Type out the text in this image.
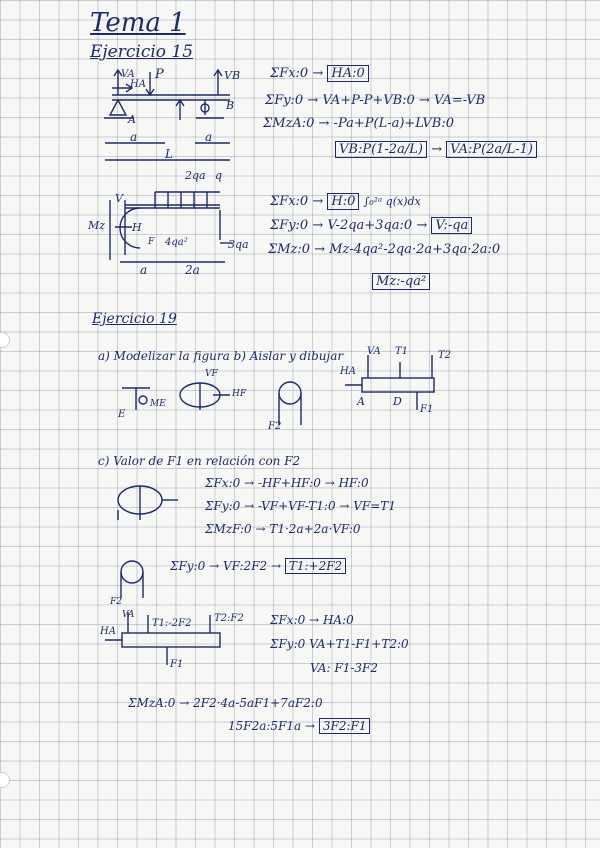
Tema 1
Ejercicio 15
VA
HA
P	VB
A
B
a
L
a
ΣFx:0 → HA:0
ΣFy:0 → VA+P-P+VB:0 → VA=-VB
ΣMzA:0 → -Pa+P(L-a)+LVB:0
VB:P(1-2a/L) → VA:P(2a/L-1)
2qa q
V
Mz H
F 4qa²	3qa
a	2a
ΣFx:0 → H:0 ∫₀²ᵃ q(x)dx
ΣFy:0 → V-2qa+3qa:0 → V:-qa
ΣMz:0 → Mz-4qa²-2qa·2a+3qa·2a:0
Mz:-qa²
Ejercicio 19
a) Modelizar la figura b) Aislar y dibujar VA T1	T2
HA
A	D
F1
E
ME
VF
HF
F2
c) Valor de F1 en relación con F2
ΣFx:0 → -HF+HF:0 → HF:0
ΣFy:0 → -VF+VF-T1:0 → VF=T1
ΣMzF:0 → T1·2a+2a·VF:0
ΣFy:0 → VF:2F2 → T1:+2F2
T1:-2F2 T2:F2
VA
HA
F1
F2
ΣFx:0 → HA:0
ΣFy:0 VA+T1-F1+T2:0
VA: F1-3F2
ΣMzA:0 → 2F2·4a-5aF1+7aF2:0
15F2a:5F1a → 3F2:F1
